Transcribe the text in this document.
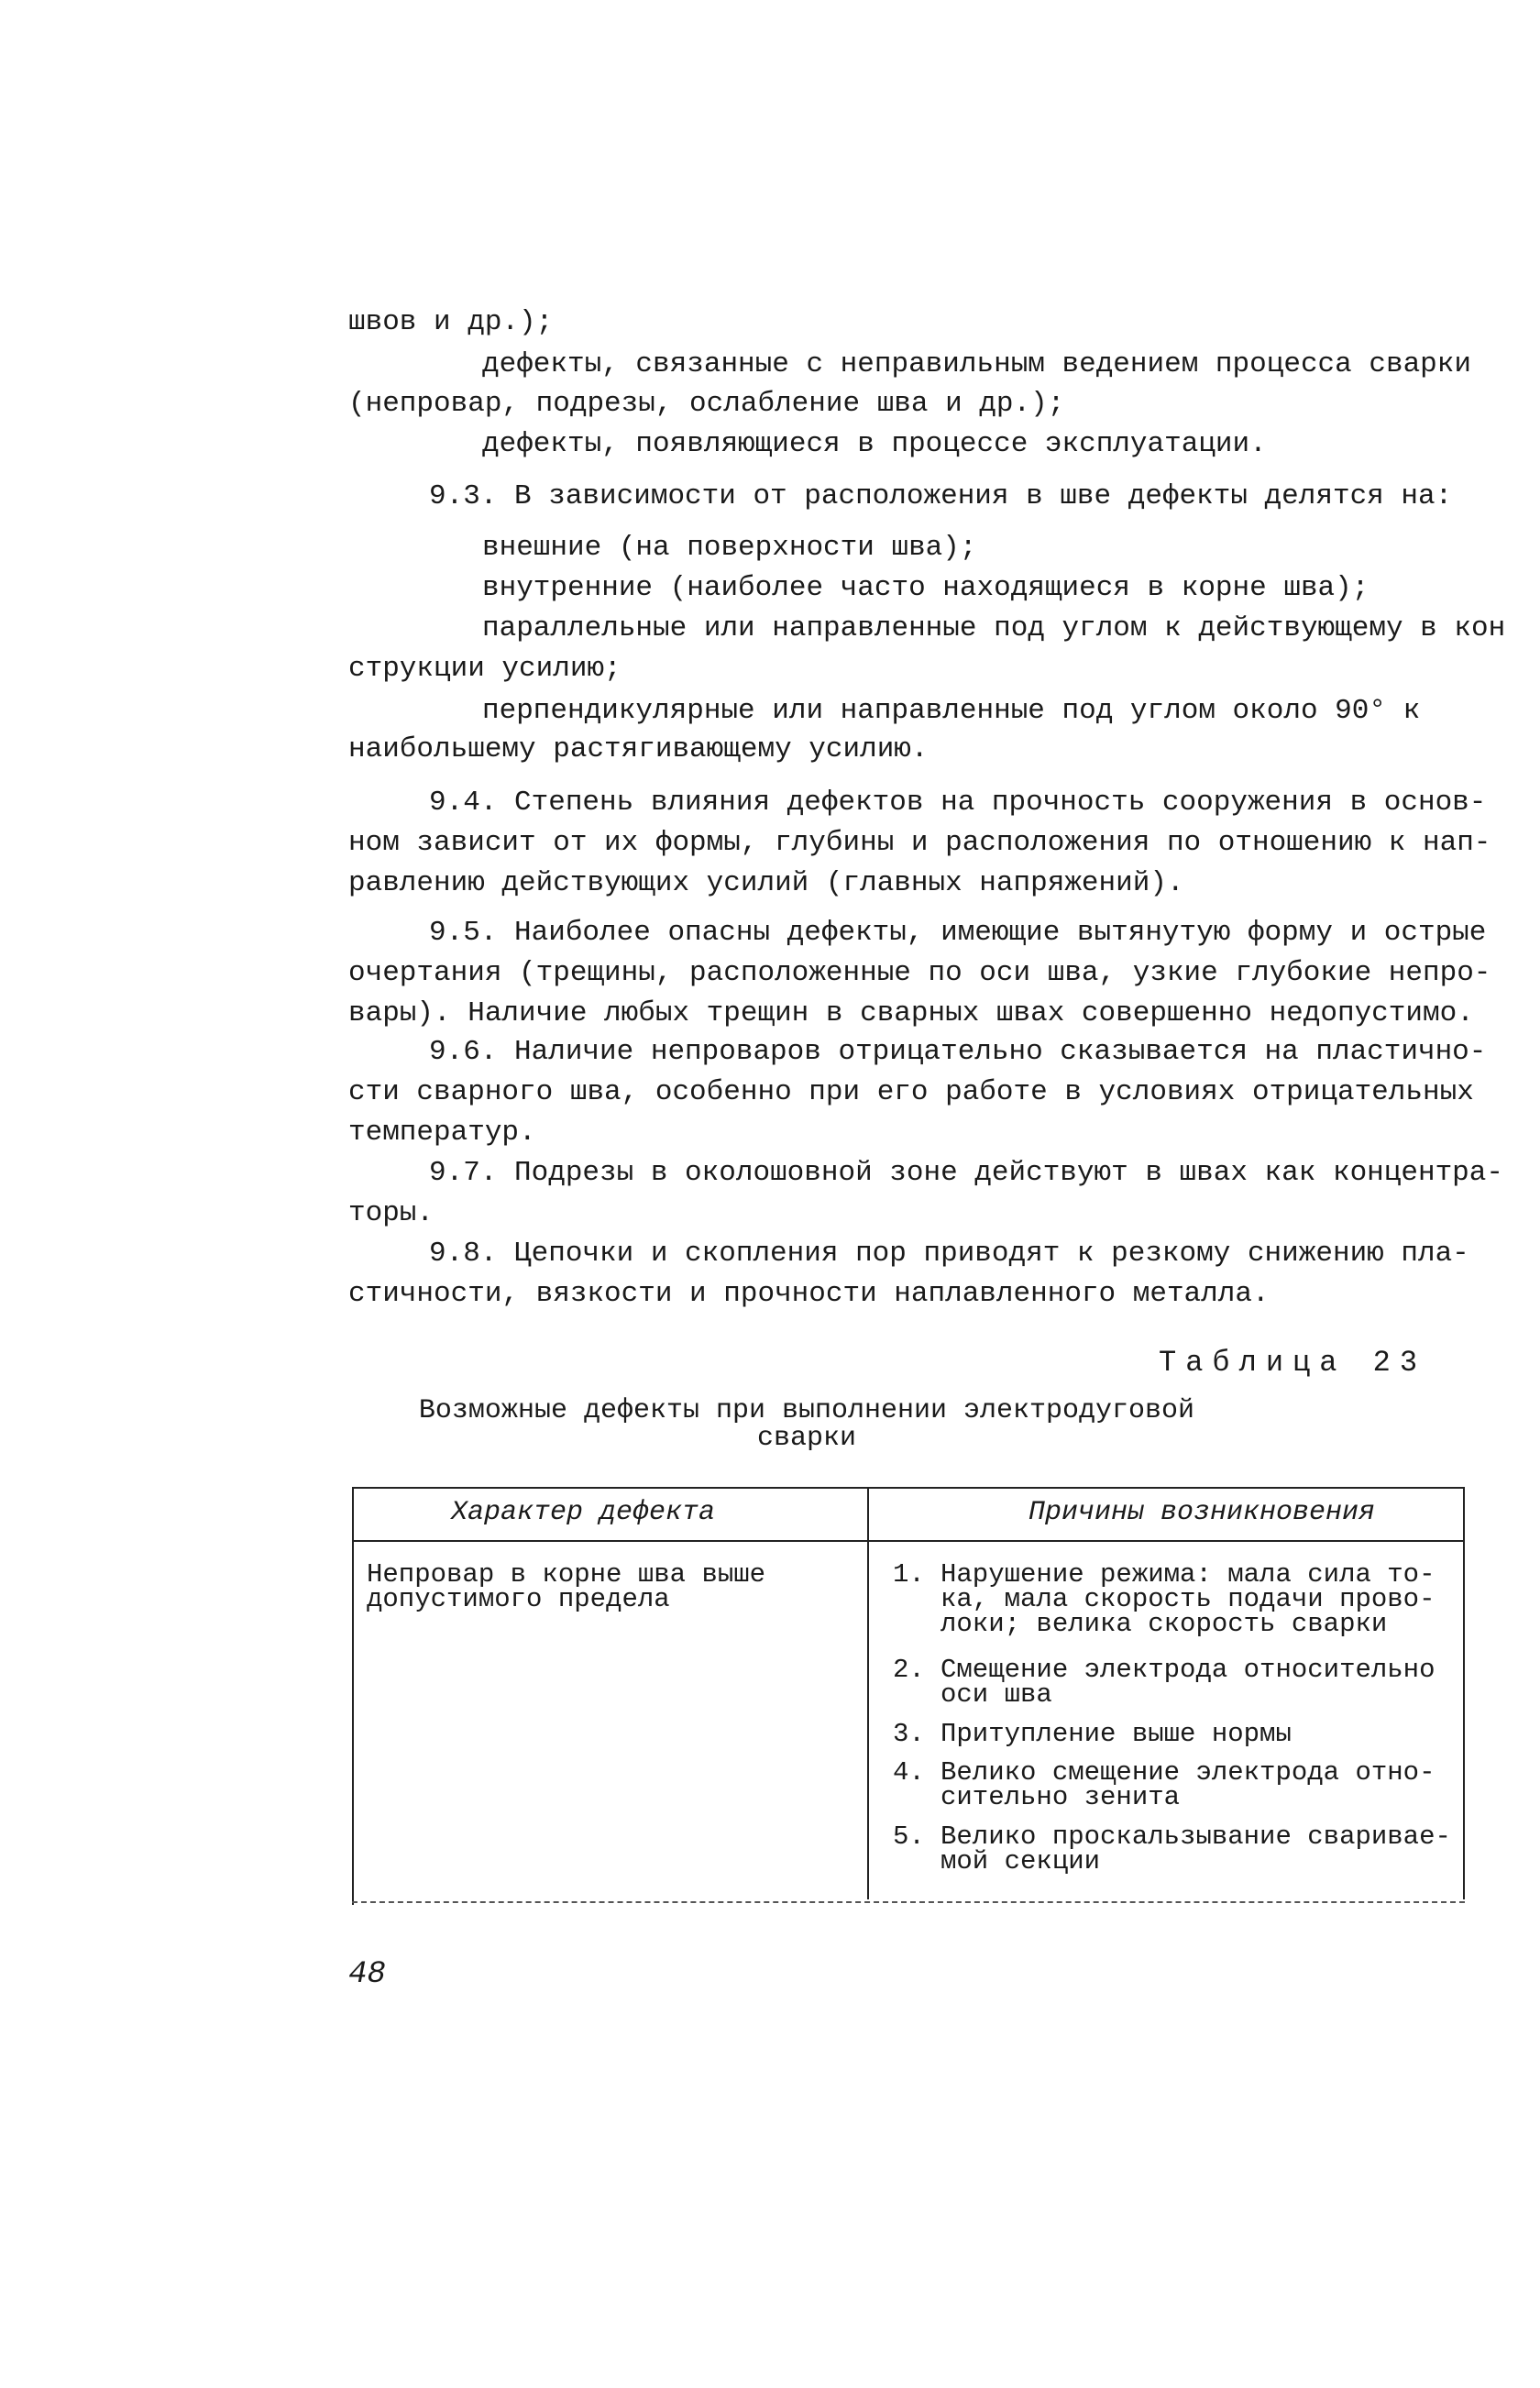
швов и др.);
дефекты, связанные с неправильным ведением процесса сварки
(непровар, подрезы, ослабление шва и др.);
дефекты, появляющиеся в процессе эксплуатации.
9.3. В зависимости от расположения в шве дефекты делятся на:
внешние (на поверхности шва);
внутренние (наиболее часто находящиеся в корне шва);
параллельные или направленные под углом к действующему в кон
струкции усилию;
перпендикулярные или направленные под углом около 90° к
наибольшему растягивающему усилию.
9.4. Степень влияния дефектов на прочность сооружения в основ-
ном зависит от их формы, глубины и расположения по отношению к нап-
равлению действующих усилий (главных напряжений).
9.5. Наиболее опасны дефекты, имеющие вытянутую форму и острые
очертания (трещины, расположенные по оси шва, узкие глубокие непро-
вары). Наличие любых трещин в сварных швах совершенно недопустимо.
9.6. Наличие непроваров отрицательно сказывается на пластично-
сти сварного шва, особенно при его работе в условиях отрицательных
температур.
9.7. Подрезы в околошовной зоне действуют в швах как концентра-
торы.
9.8. Цепочки и скопления пор приводят к резкому снижению пла-
стичности, вязкости и прочности наплавленного металла.
Таблица 23
Возможные дефекты при выполнении электродуговой
сварки
Характер дефекта	Причины возникновения
Непровар в корне шва выше
допустимого предела
1. Нарушение режима: мала сила то-
ка, мала скорость подачи прово-
локи; велика скорость сварки
2. Смещение электрода относительно
оси шва
3. Притупление выше нормы
4. Велико смещение электрода отно-
сительно зенита
5. Велико проскальзывание сваривае-
мой секции
48
